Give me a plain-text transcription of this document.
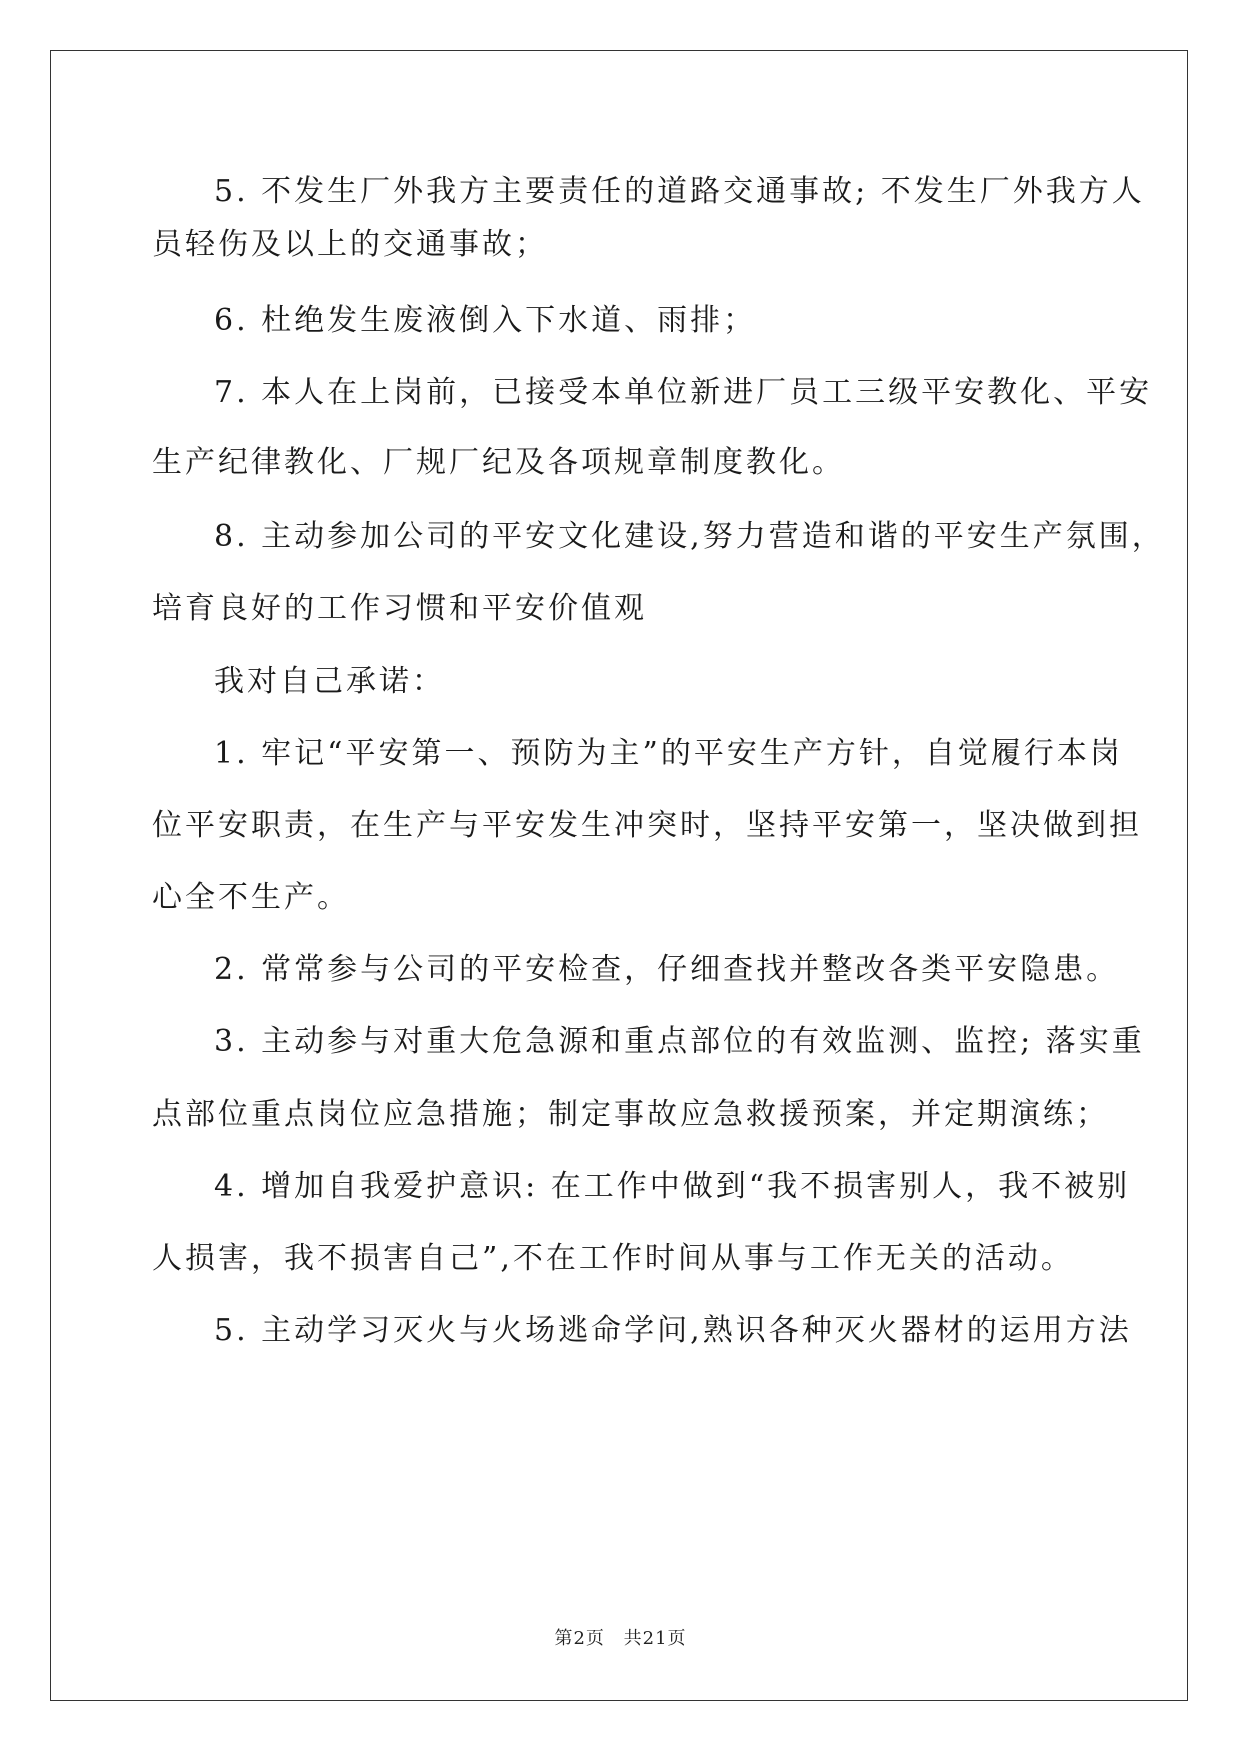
5. 不发生厂外我方主要责任的道路交通事故; 不发生厂外我方人
员轻伤及以上的交通事故；
6. 杜绝发生废液倒入下水道、雨排；
7. 本人在上岗前，已接受本单位新进厂员工三级平安教化、平安
生产纪律教化、厂规厂纪及各项规章制度教化。
8. 主动参加公司的平安文化建设,努力营造和谐的平安生产氛围，
培育良好的工作习惯和平安价值观
我对自己承诺：
1. 牢记“平安第一、预防为主”的平安生产方针，自觉履行本岗
位平安职责，在生产与平安发生冲突时，坚持平安第一，坚决做到担
心全不生产。
2. 常常参与公司的平安检查，仔细查找并整改各类平安隐患。
3. 主动参与对重大危急源和重点部位的有效监测、监控; 落实重
点部位重点岗位应急措施；制定事故应急救援预案，并定期演练；
4. 增加自我爱护意识: 在工作中做到“我不损害别人，我不被别
人损害，我不损害自己”,不在工作时间从事与工作无关的活动。
5. 主动学习灭火与火场逃命学问,熟识各种灭火器材的运用方法
第2页 共21页
